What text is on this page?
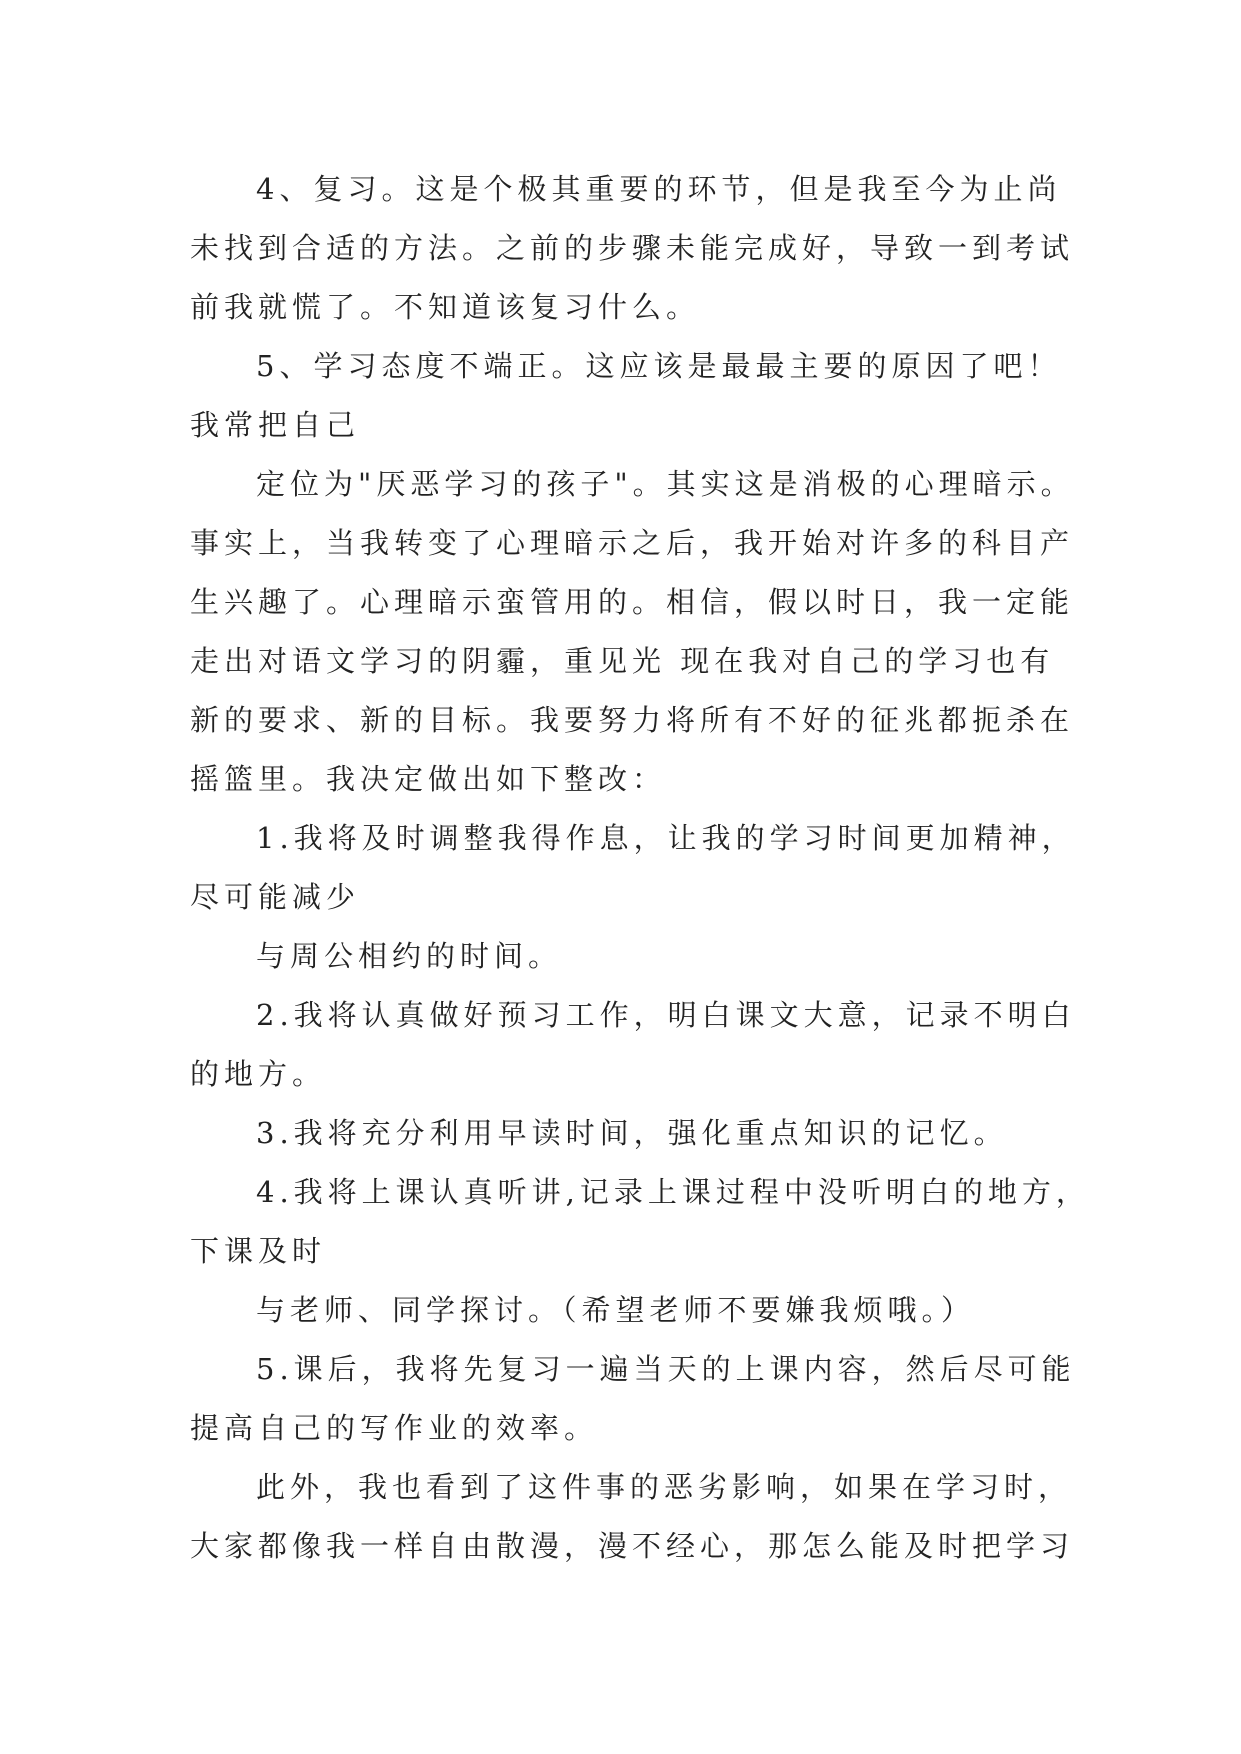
4、复习。这是个极其重要的环节，但是我至今为止尚
未找到合适的方法。之前的步骤未能完成好，导致一到考试
前我就慌了。不知道该复习什么。
5、学习态度不端正。这应该是最最主要的原因了吧！
我常把自己
定位为"厌恶学习的孩子"。其实这是消极的心理暗示。
事实上，当我转变了心理暗示之后，我开始对许多的科目产
生兴趣了。心理暗示蛮管用的。相信，假以时日，我一定能
走出对语文学习的阴霾，重见光 现在我对自己的学习也有
新的要求、新的目标。我要努力将所有不好的征兆都扼杀在
摇篮里。我决定做出如下整改：
1.我将及时调整我得作息，让我的学习时间更加精神，
尽可能减少
与周公相约的时间。
2.我将认真做好预习工作，明白课文大意，记录不明白
的地方。
3.我将充分利用早读时间，强化重点知识的记忆。
4.我将上课认真听讲,记录上课过程中没听明白的地方，
下课及时
与老师、同学探讨。（希望老师不要嫌我烦哦。）
5.课后，我将先复习一遍当天的上课内容，然后尽可能
提高自己的写作业的效率。
此外，我也看到了这件事的恶劣影响，如果在学习时，
大家都像我一样自由散漫，漫不经心，那怎么能及时把学习
